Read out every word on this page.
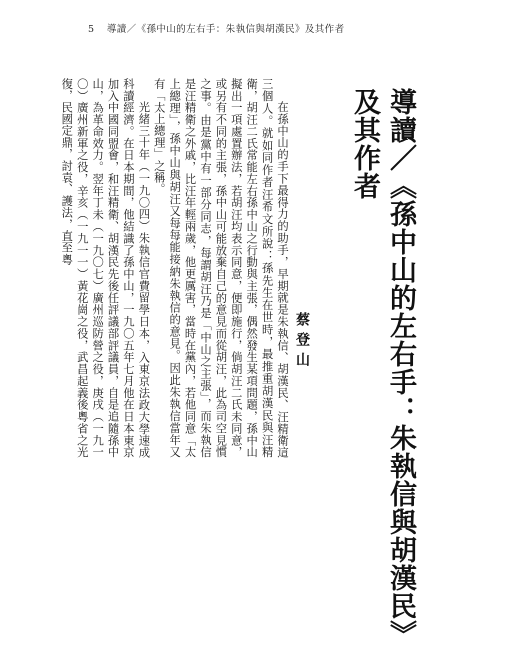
5 導讀／《孫中山的左右手：朱執信與胡漢民》及其作者
導讀／《孫中山的左右手：朱執信與胡漢民》
及其作者
蔡登山

在孫中山的手下最得力的助手，早期就是朱執信、胡漢民、汪精衛這三個人。就如同作者汪希文所說：孫先生在世時，最推重胡漢民與汪精衛，胡汪二氏常能左右孫中山之行動與主張，偶然發生某項問題，孫中山擬出一項處置辦法，若胡汪均表示同意，便即施行，倘胡汪二氏未同意，或另有不同的主張，孫中山可能放棄自己的意見而從胡汪，此為司空見慣之事。由是黨中有一部分同志，每謂胡汪乃是「中山之主張」，而朱執信是汪精衛之外戚，比汪年輕兩歲，他更厲害，當時在黨內，若他同意「太上總理」，孫中山與胡汪又每每能接納朱執信的意見。因此朱執信當年又有「太上總理」之稱。

光緒三十年（一九〇四）朱執信官費留學日本，入東京法政大學速成科讀經濟。在日本期間，他結識了孫中山，一九〇五年七月他在日本東京加入中國同盟會，和汪精衛、胡漢民先後任評議部評議員，自是追隨孫中山，為革命效力。翌年丁未（一九〇七）廣州巡防營之役，庚戌（一九一〇）廣州新軍之役，辛亥（一九一一）黃花崗之役，武昌起義後粵省之光復，民國定鼎，討袁、護法，直至粵
